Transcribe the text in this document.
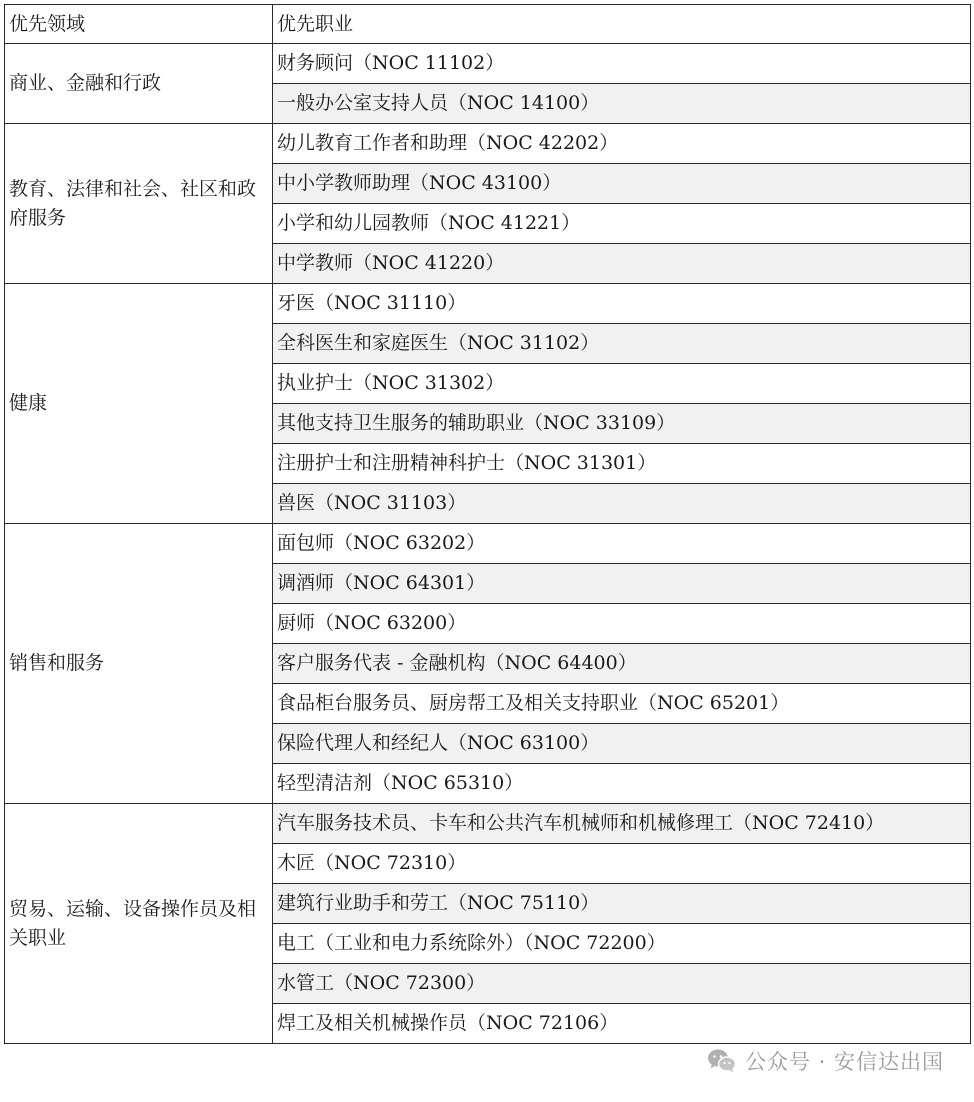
优先领域	优先职业
商业、金融和行政	财务顾问（NOC 11102）
	一般办公室支持人员（NOC 14100）
教育、法律和社会、社区和政府服务	幼儿教育工作者和助理（NOC 42202）
	中小学教师助理（NOC 43100）
	小学和幼儿园教师（NOC 41221）
	中学教师（NOC 41220）
健康	牙医（NOC 31110）
	全科医生和家庭医生（NOC 31102）
	执业护士（NOC 31302）
	其他支持卫生服务的辅助职业（NOC 33109）
	注册护士和注册精神科护士（NOC 31301）
	兽医（NOC 31103）
销售和服务	面包师（NOC 63202）
	调酒师（NOC 64301）
	厨师（NOC 63200）
	客户服务代表 - 金融机构（NOC 64400）
	食品柜台服务员、厨房帮工及相关支持职业（NOC 65201）
	保险代理人和经纪人（NOC 63100）
	轻型清洁剂（NOC 65310）
贸易、运输、设备操作员及相关职业	汽车服务技术员、卡车和公共汽车机械师和机械修理工（NOC 72410）
	木匠（NOC 72310）
	建筑行业助手和劳工（NOC 75110）
	电工（工业和电力系统除外）（NOC 72200）
	水管工（NOC 72300）
	焊工及相关机械操作员（NOC 72106）
公众号 · 安信达出国
